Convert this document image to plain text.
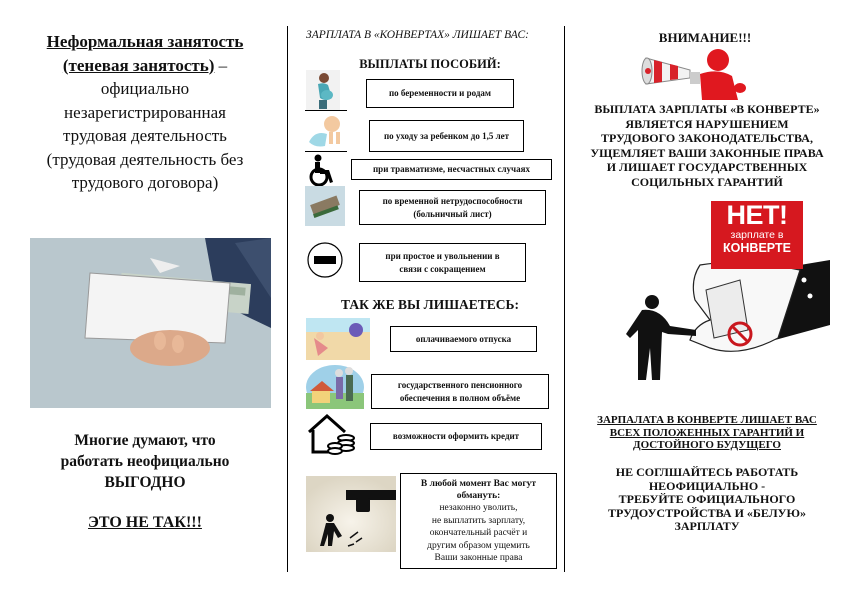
Неформальная занятость
(теневая занятость) –
официально
незарегистрированная
трудовая деятельность
(трудовая деятельность без
трудового договора)
Многие думают, что
работать неофициально
ВЫГОДНО
ЭТО НЕ ТАК!!!
ЗАРПЛАТА В «КОНВЕРТАХ» ЛИШАЕТ ВАС:
ВЫПЛАТЫ ПОСОБИЙ:
по беременности и родам
по уходу за ребенком до 1,5 лет
при травматизме, несчастных случаях
по временной нетрудоспособности
(больничный лист)
при простое и увольнении в
связи с сокращением
ТАК ЖЕ ВЫ ЛИШАЕТЕСЬ:
оплачиваемого отпуска
государственного пенсионного
обеспечения в полном объёме
возможности оформить кредит
В любой момент Вас могут
обмануть:
незаконно уволить,
не выплатить зарплату,
окончательный расчёт и
другим образом ущемить
Ваши законные права
ВНИМАНИЕ!!!
ВЫПЛАТА ЗАРПЛАТЫ «В КОНВЕРТЕ»
ЯВЛЯЕТСЯ НАРУШЕНИЕМ
ТРУДОВОГО ЗАКОНОДАТЕЛЬСТВА,
УЩЕМЛЯЕТ ВАШИ ЗАКОННЫЕ ПРАВА
И ЛИШАЕТ ГОСУДАРСТВЕННЫХ
СОЦИЛЬНЫХ ГАРАНТИЙ
НЕТ!
зарплате в
КОНВЕРТЕ
ЗАРПАЛАТА В КОНВЕРТЕ ЛИШАЕТ ВАС
ВСЕХ ПОЛОЖЕННЫХ ГАРАНТИЙ И
ДОСТОЙНОГО БУДУЩЕГО
НЕ СОГЛШАЙТЕСЬ РАБОТАТЬ
НЕОФИЦИАЛЬНО -
ТРЕБУЙТЕ ОФИЦИАЛЬНОГО
ТРУДОУСТРОЙСТВА И «БЕЛУЮ»
ЗАРПЛАТУ
